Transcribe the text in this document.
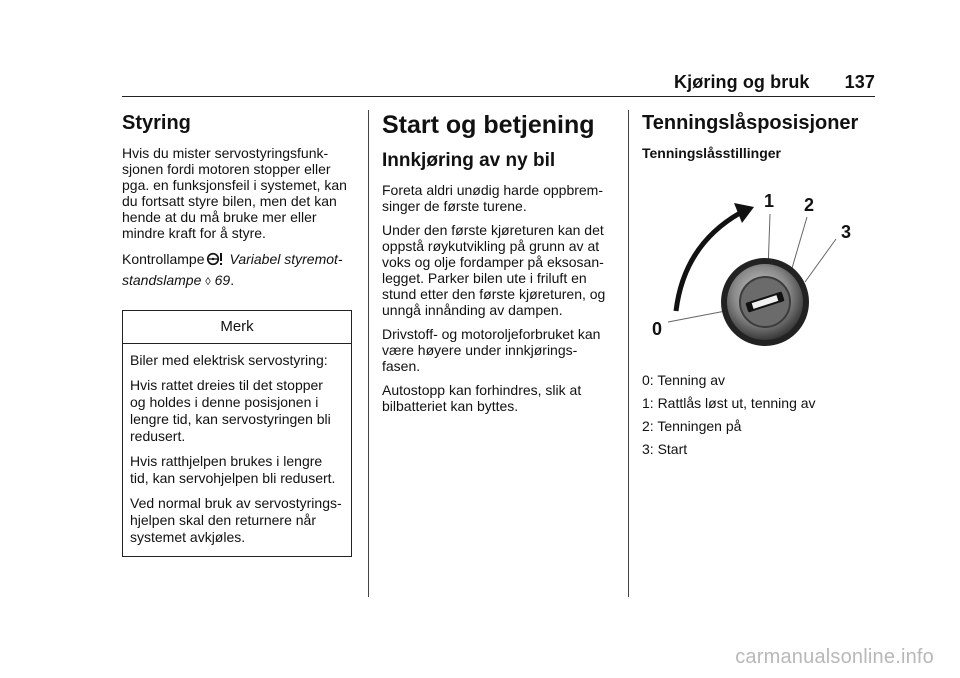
Kjøring og bruk 137
Styring

Hvis du mister servostyringsfunk-
sjonen fordi motoren stopper eller
pga. en funksjonsfeil i systemet, kan
du fortsatt styre bilen, men det kan
hende at du må bruke mer eller
mindre kraft for å styre.

Kontrollampe Variabel styremot-
standslampe ◊ 69.

Merk

Biler med elektrisk servostyring:

Hvis rattet dreies til det stopper
og holdes i denne posisjonen i
lengre tid, kan servostyringen bli
redusert.

Hvis ratthjelpen brukes i lengre
tid, kan servohjelpen bli redusert.

Ved normal bruk av servostyrings-
hjelpen skal den returnere når
systemet avkjøles.

Start og betjening
Innkjøring av ny bil

Foreta aldri unødig harde oppbrem-
singer de første turene.

Under den første kjøreturen kan det
oppstå røykutvikling på grunn av at
voks og olje fordamper på eksosan-
legget. Parker bilen ute i friluft en
stund etter den første kjøreturen, og
unngå innånding av dampen.

Drivstoff- og motoroljeforbruket kan
være høyere under innkjørings-
fasen.

Autostopp kan forhindres, slik at
bilbatteriet kan byttes.

Tenningslåsposisjoner
Tenningslåsstillinger
0
1 2
3
0: Tenning av
1: Rattlås løst ut, tenning av
2: Tenningen på
3: Start
carmanualsonline.info
